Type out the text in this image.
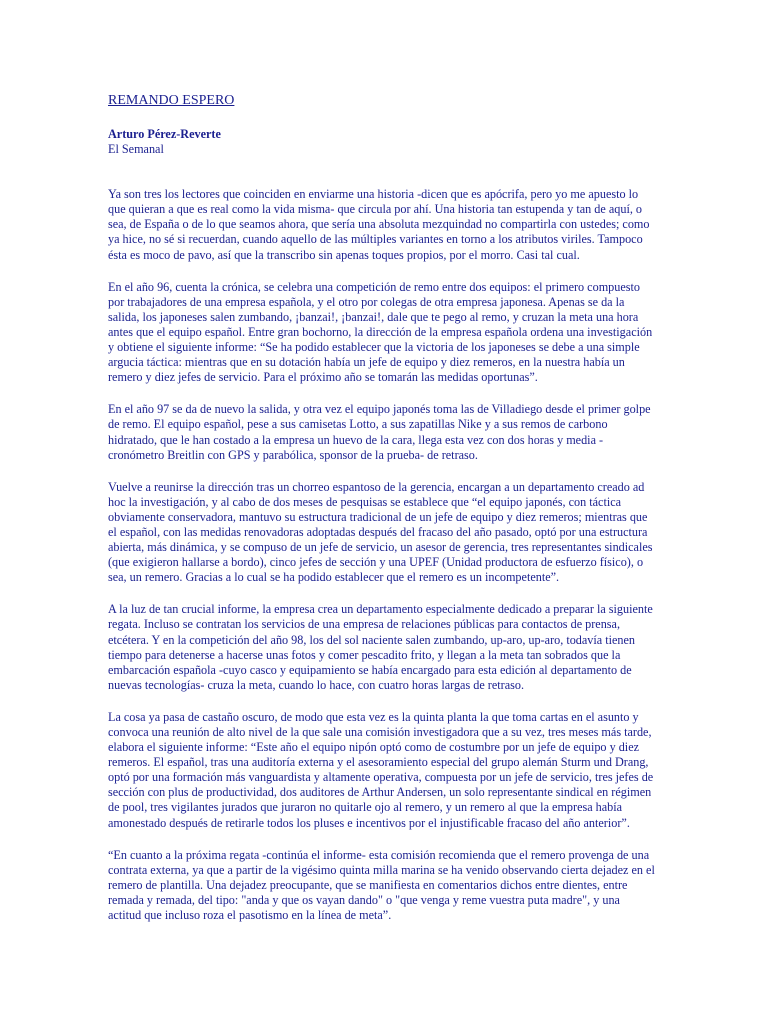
REMANDO ESPERO
Arturo Pérez-Reverte
El Semanal

Ya son tres los lectores que coinciden en enviarme una historia -dicen que es apócrifa, pero yo me apuesto lo que quieran a que es real como la vida misma- que circula por ahí. Una historia tan estupenda y tan de aquí, o sea, de España o de lo que seamos ahora, que sería una absoluta mezquindad no compartirla con ustedes; como ya hice, no sé si recuerdan, cuando aquello de las múltiples variantes en torno a los atributos viriles. Tampoco ésta es moco de pavo, así que la transcribo sin apenas toques propios, por el morro. Casi tal cual.

En el año 96, cuenta la crónica, se celebra una competición de remo entre dos equipos: el primero compuesto por trabajadores de una empresa española, y el otro por colegas de otra empresa japonesa. Apenas se da la salida, los japoneses salen zumbando, ¡banzai!, ¡banzai!, dale que te pego al remo, y cruzan la meta una hora antes que el equipo español. Entre gran bochorno, la dirección de la empresa española ordena una investigación y obtiene el siguiente informe: “Se ha podido establecer que la victoria de los japoneses se debe a una simple argucia táctica: mientras que en su dotación había un jefe de equipo y diez remeros, en la nuestra había un remero y diez jefes de servicio. Para el próximo año se tomarán las medidas oportunas”.

En el año 97 se da de nuevo la salida, y otra vez el equipo japonés toma las de Villadiego desde el primer golpe de remo. El equipo español, pese a sus camisetas Lotto, a sus zapatillas Nike y a sus remos de carbono hidratado, que le han costado a la empresa un huevo de la cara, llega esta vez con dos horas y media -cronómetro Breitlin con GPS y parabólica, sponsor de la prueba- de retraso.

Vuelve a reunirse la dirección tras un chorreo espantoso de la gerencia, encargan a un departamento creado ad hoc la investigación, y al cabo de dos meses de pesquisas se establece que “el equipo japonés, con táctica obviamente conservadora, mantuvo su estructura tradicional de un jefe de equipo y diez remeros; mientras que el español, con las medidas renovadoras adoptadas después del fracaso del año pasado, optó por una estructura abierta, más dinámica, y se compuso de un jefe de servicio, un asesor de gerencia, tres representantes sindicales (que exigieron hallarse a bordo), cinco jefes de sección y una UPEF (Unidad productora de esfuerzo físico), o sea, un remero. Gracias a lo cual se ha podido establecer que el remero es un incompetente”.

A la luz de tan crucial informe, la empresa crea un departamento especialmente dedicado a preparar la siguiente regata. Incluso se contratan los servicios de una empresa de relaciones públicas para contactos de prensa, etcétera. Y en la competición del año 98, los del sol naciente salen zumbando, up-aro, up-aro, todavía tienen tiempo para detenerse a hacerse unas fotos y comer pescadito frito, y llegan a la meta tan sobrados que la embarcación española -cuyo casco y equipamiento se había encargado para esta edición al departamento de nuevas tecnologías- cruza la meta, cuando lo hace, con cuatro horas largas de retraso.

La cosa ya pasa de castaño oscuro, de modo que esta vez es la quinta planta la que toma cartas en el asunto y convoca una reunión de alto nivel de la que sale una comisión investigadora que a su vez, tres meses más tarde, elabora el siguiente informe: “Este año el equipo nipón optó como de costumbre por un jefe de equipo y diez remeros. El español, tras una auditoría externa y el asesoramiento especial del grupo alemán Sturm und Drang, optó por una formación más vanguardista y altamente operativa, compuesta por un jefe de servicio, tres jefes de sección con plus de productividad, dos auditores de Arthur Andersen, un solo representante sindical en régimen de pool, tres vigilantes jurados que juraron no quitarle ojo al remero, y un remero al que la empresa había amonestado después de retirarle todos los pluses e incentivos por el injustificable fracaso del año anterior”.

“En cuanto a la próxima regata -continúa el informe- esta comisión recomienda que el remero provenga de una contrata externa, ya que a partir de la vigésimo quinta milla marina se ha venido observando cierta dejadez en el remero de plantilla. Una dejadez preocupante, que se manifiesta en comentarios dichos entre dientes, entre remada y remada, del tipo: "anda y que os vayan dando" o "que venga y reme vuestra puta madre", y una actitud que incluso roza el pasotismo en la línea de meta”.
